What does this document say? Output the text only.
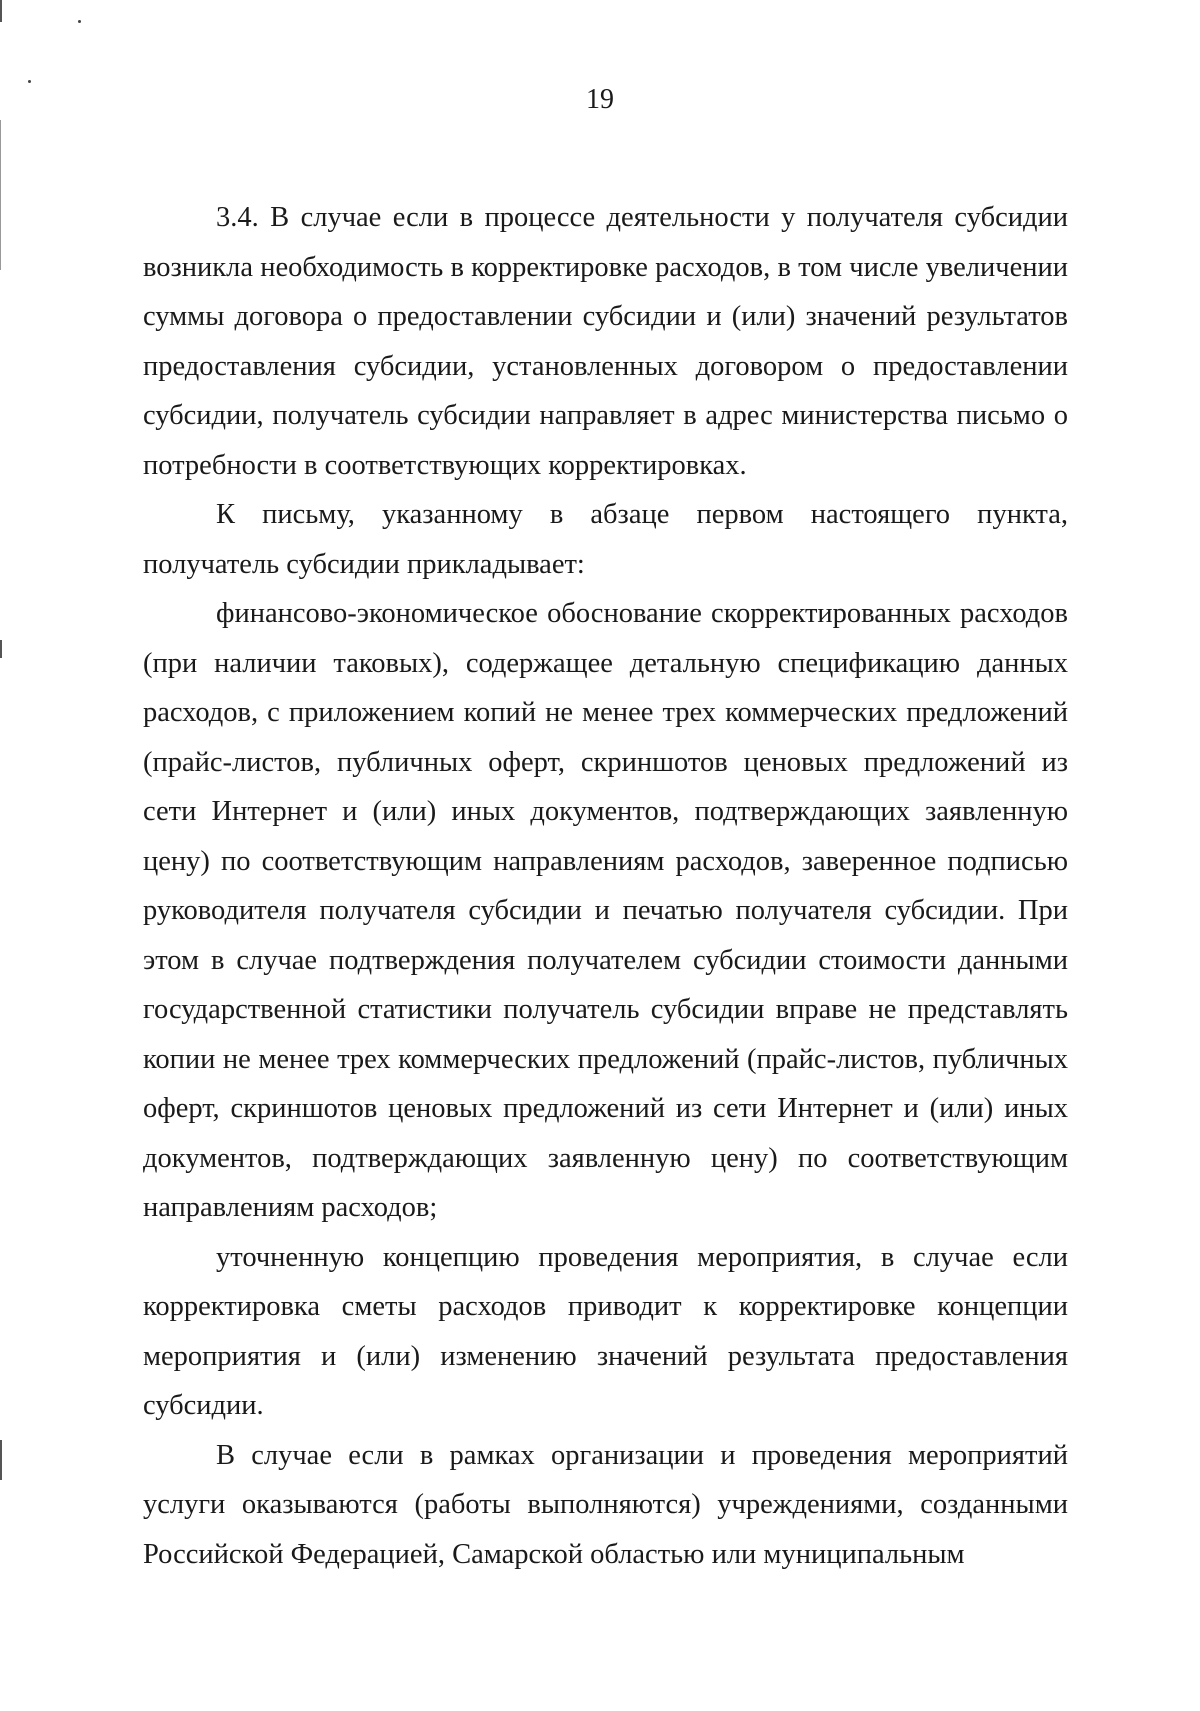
19

3.4. В случае если в процессе деятельности у получателя субсидии возникла необходимость в корректировке расходов, в том числе увеличении суммы договора о предоставлении субсидии и (или) значений результатов предоставления субсидии, установленных договором о предоставлении субсидии, получатель субсидии направляет в адрес министерства письмо о потребности в соответствующих корректировках.

К письму, указанному в абзаце первом настоящего пункта, получатель субсидии прикладывает:

финансово-экономическое обоснование скорректированных расходов (при наличии таковых), содержащее детальную спецификацию данных расходов, с приложением копий не менее трех коммерческих предложений (прайс-листов, публичных оферт, скриншотов ценовых предложений из сети Интернет и (или) иных документов, подтверждающих заявленную цену) по соответствующим направлениям расходов, заверенное подписью руководителя получателя субсидии и печатью получателя субсидии. При этом в случае подтверждения получателем субсидии стоимости данными государственной статистики получатель субсидии вправе не представлять копии не менее трех коммерческих предложений (прайс-листов, публичных оферт, скриншотов ценовых предложений из сети Интернет и (или) иных документов, подтверждающих заявленную цену) по соответствующим направлениям расходов;

уточненную концепцию проведения мероприятия, в случае если корректировка сметы расходов приводит к корректировке концепции мероприятия и (или) изменению значений результата предоставления субсидии.

В случае если в рамках организации и проведения мероприятий услуги оказываются (работы выполняются) учреждениями, созданными Российской Федерацией, Самарской областью или муниципальным
